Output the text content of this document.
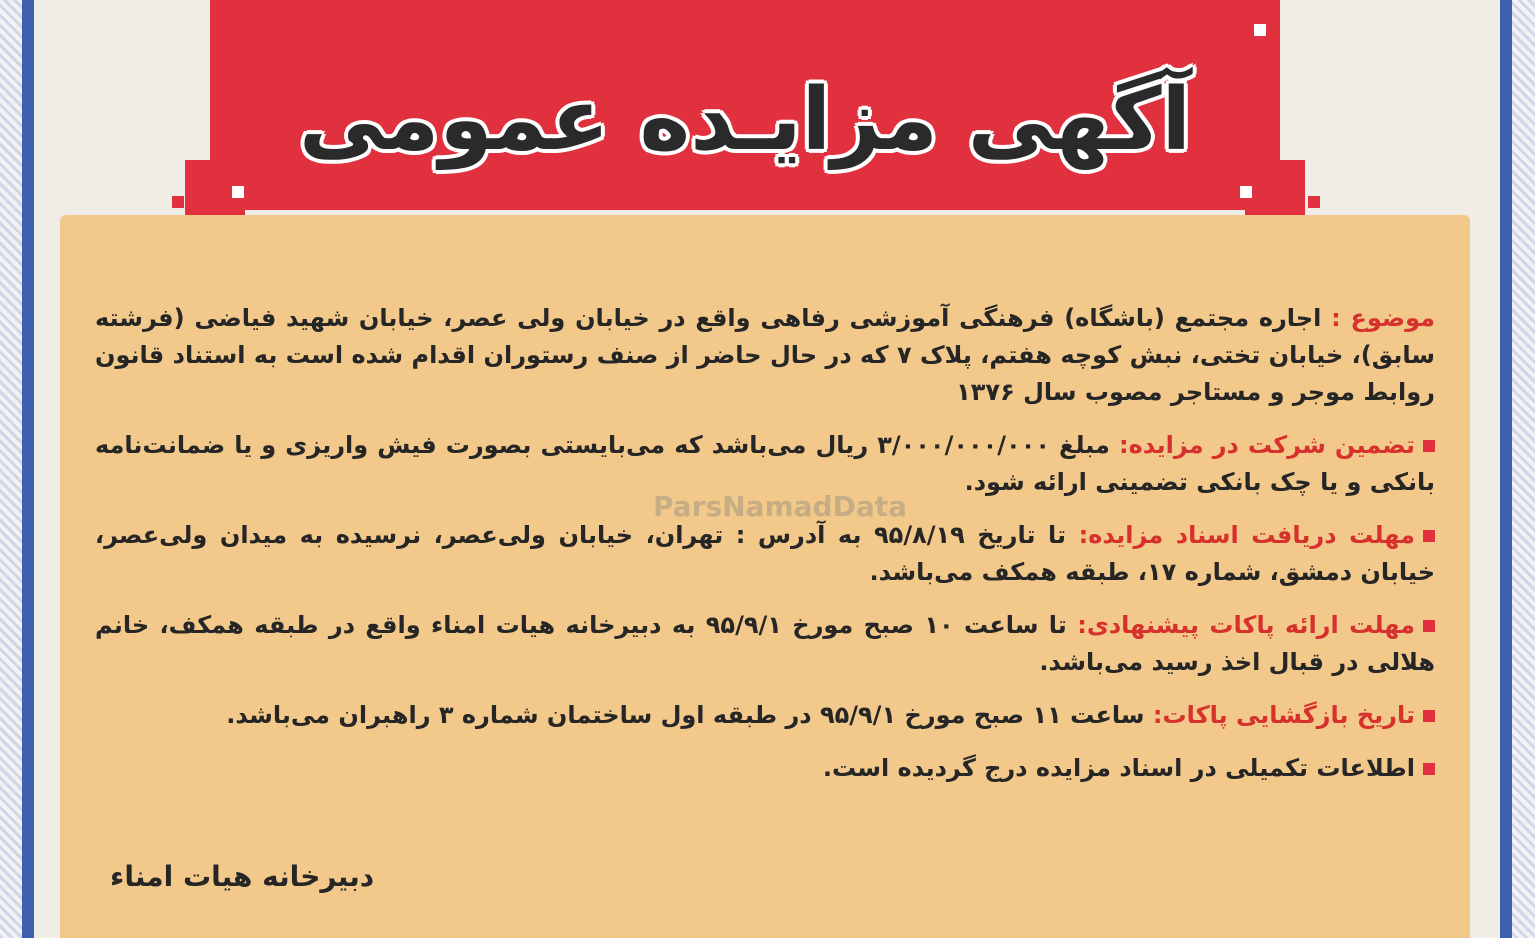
آگهی مزایـده عمومی
ParsNamadData
موضوع : اجاره مجتمع (باشگاه) فرهنگی آموزشی رفاهی واقع در خیابان ولی عصر، خیابان شهید فیاضی (فرشته سابق)، خیابان تختی، نبش کوچه هفتم، پلاک ۷ که در حال حاضر از صنف رستوران اقدام شده است به استناد قانون روابط موجر و مستاجر مصوب سال ۱۳۷۶
تضمین شرکت در مزایده: مبلغ ۳/۰۰۰/۰۰۰/۰۰۰ ریال می‌باشد که می‌بایستی بصورت فیش واریزی و یا ضمانت‌نامه بانکی و یا چک بانکی تضمینی ارائه شود.
مهلت دریافت اسناد مزایده: تا تاریخ ۹۵/۸/۱۹ به آدرس : تهران، خیابان ولی‌عصر، نرسیده به میدان ولی‌عصر، خیابان دمشق، شماره ۱۷، طبقه همکف می‌باشد.
مهلت ارائه پاکات پیشنهادی: تا ساعت ۱۰ صبح مورخ ۹۵/۹/۱ به دبیرخانه هیات امناء واقع در طبقه همکف، خانم هلالی در قبال اخذ رسید می‌باشد.
تاریخ بازگشایی پاکات: ساعت ۱۱ صبح مورخ ۹۵/۹/۱ در طبقه اول ساختمان شماره ۳ راهبران می‌باشد.
اطلاعات تکمیلی در اسناد مزایده درج گردیده است.
دبیرخانه هیات امناء
